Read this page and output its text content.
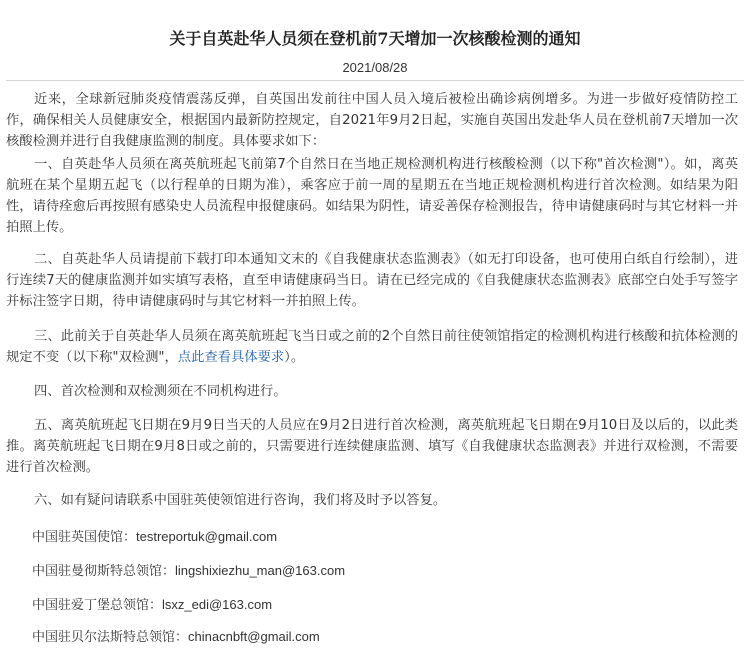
关于自英赴华人员须在登机前7天增加一次核酸检测的通知
2021/08/28
近来，全球新冠肺炎疫情震荡反弹，自英国出发前往中国人员入境后被检出确诊病例增多。为进一步做好疫情防控工作，确保相关人员健康安全，根据国内最新防控规定，自2021年9月2日起，实施自英国出发赴华人员在登机前7天增加一次核酸检测并进行自我健康监测的制度。具体要求如下：
一、自英赴华人员须在离英航班起飞前第7个自然日在当地正规检测机构进行核酸检测（以下称"首次检测"）。如，离英航班在某个星期五起飞（以行程单的日期为准），乘客应于前一周的星期五在当地正规检测机构进行首次检测。如结果为阳性，请待痊愈后再按照有感染史人员流程申报健康码。如结果为阴性，请妥善保存检测报告，待申请健康码时与其它材料一并拍照上传。
二、自英赴华人员请提前下载打印本通知文末的《自我健康状态监测表》（如无打印设备，也可使用白纸自行绘制），进行连续7天的健康监测并如实填写表格，直至申请健康码当日。请在已经完成的《自我健康状态监测表》底部空白处手写签字并标注签字日期，待申请健康码时与其它材料一并拍照上传。
三、此前关于自英赴华人员须在离英航班起飞当日或之前的2个自然日前往使领馆指定的检测机构进行核酸和抗体检测的规定不变（以下称"双检测"，点此查看具体要求）。
四、首次检测和双检测须在不同机构进行。
五、离英航班起飞日期在9月9日当天的人员应在9月2日进行首次检测，离英航班起飞日期在9月10日及以后的，以此类推。离英航班起飞日期在9月8日或之前的，只需要进行连续健康监测、填写《自我健康状态监测表》并进行双检测，不需要进行首次检测。
六、如有疑问请联系中国驻英使领馆进行咨询，我们将及时予以答复。
中国驻英国使馆：testreportuk@gmail.com
中国驻曼彻斯特总领馆：lingshixiezhu_man@163.com
中国驻爱丁堡总领馆：lsxz_edi@163.com
中国驻贝尔法斯特总领馆：chinacnbft@gmail.com
